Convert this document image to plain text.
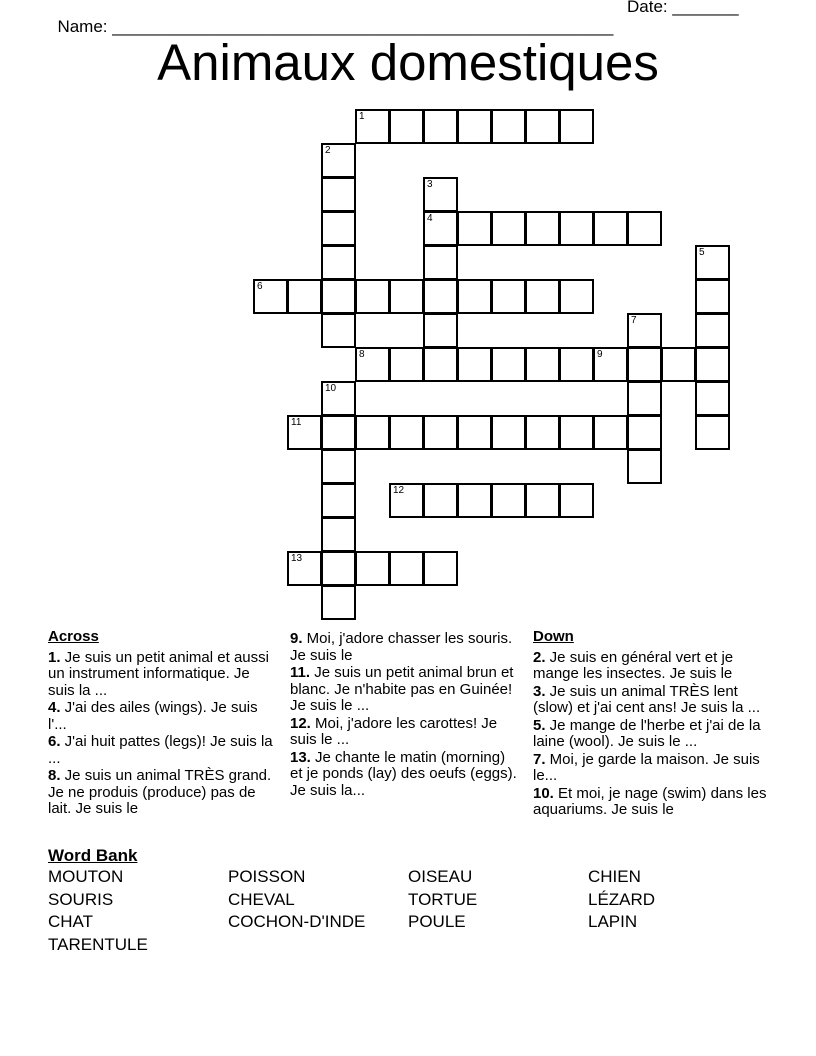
Name: _____________________________________________________

Date: _______

Animaux domestiques
1
2
3
4
5
6
7
8	9
10
11
12
13
Across
1. Je suis un petit animal et aussi un instrument informatique. Je suis la ...
4. J'ai des ailes (wings). Je suis l'...
6. J'ai huit pattes (legs)! Je suis la ...
8. Je suis un animal TRÈS grand. Je ne produis (produce) pas de lait. Je suis le
9. Moi, j'adore chasser les souris. Je suis le
11. Je suis un petit animal brun et blanc. Je n'habite pas en Guinée! Je suis le ...
12. Moi, j'adore les carottes! Je suis le ...
13. Je chante le matin (morning) et je ponds (lay) des oeufs (eggs). Je suis la...
Down
2. Je suis en général vert et je mange les insectes. Je suis le
3. Je suis un animal TRÈS lent (slow) et j'ai cent ans! Je suis la ...
5. Je mange de l'herbe et j'ai de la laine (wool). Je suis le ...
7. Moi, je garde la maison. Je suis le...
10. Et moi, je nage (swim) dans les aquariums. Je suis le
Word Bank
MOUTON	POISSON	OISEAU	CHIEN
SOURIS	CHEVAL	TORTUE	LÉZARD
CHAT	COCHON-D'INDE	POULE	LAPIN
TARENTULE
